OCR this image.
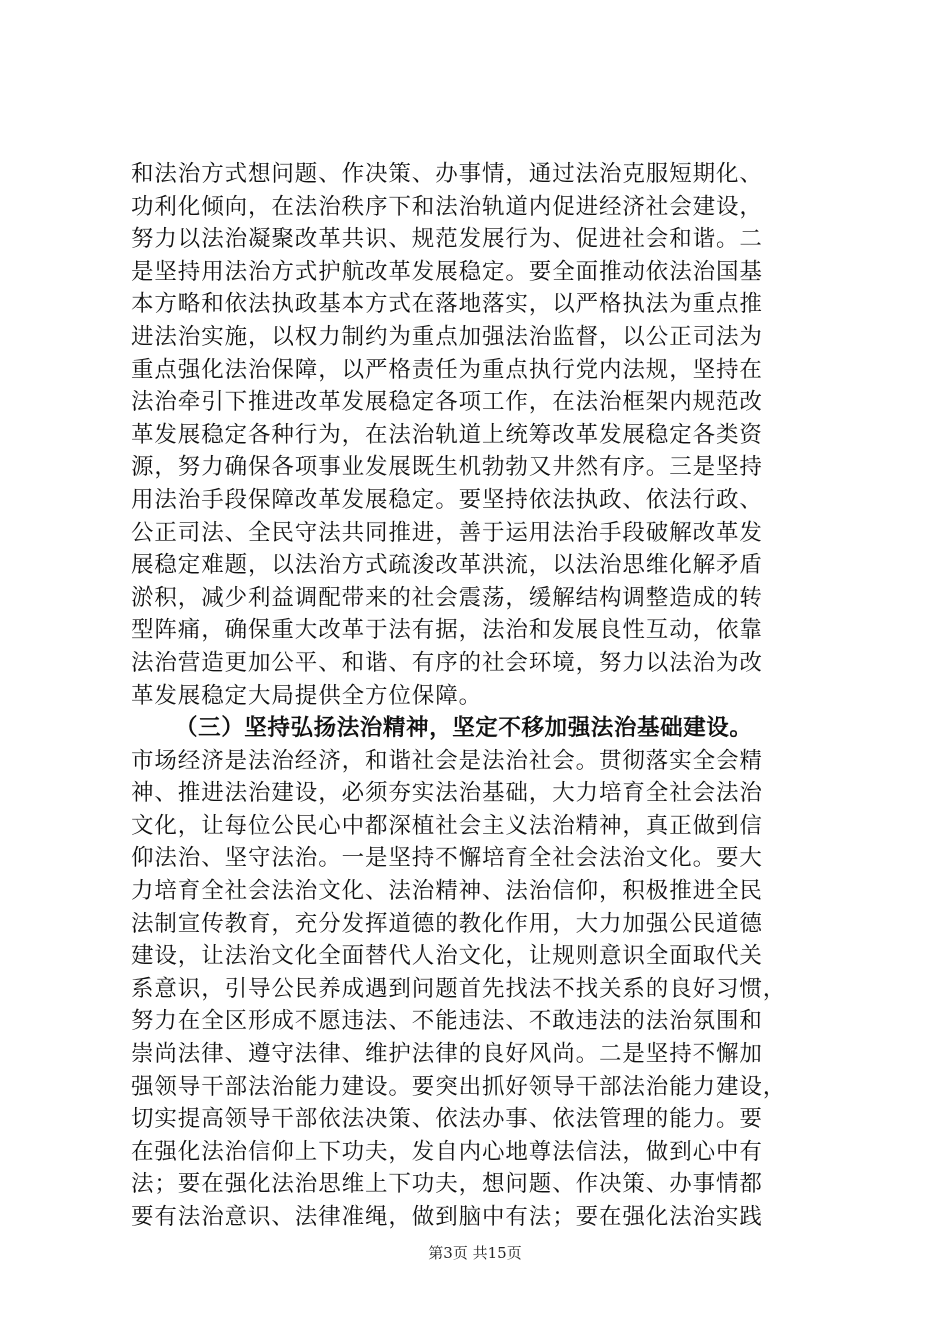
和法治方式想问题、作决策、办事情，通过法治克服短期化、
功利化倾向，在法治秩序下和法治轨道内促进经济社会建设，
努力以法治凝聚改革共识、规范发展行为、促进社会和谐。二
是坚持用法治方式护航改革发展稳定。要全面推动依法治国基
本方略和依法执政基本方式在落地落实，以严格执法为重点推
进法治实施，以权力制约为重点加强法治监督，以公正司法为
重点强化法治保障，以严格责任为重点执行党内法规，坚持在
法治牵引下推进改革发展稳定各项工作，在法治框架内规范改
革发展稳定各种行为，在法治轨道上统筹改革发展稳定各类资
源，努力确保各项事业发展既生机勃勃又井然有序。三是坚持
用法治手段保障改革发展稳定。要坚持依法执政、依法行政、
公正司法、全民守法共同推进，善于运用法治手段破解改革发
展稳定难题，以法治方式疏浚改革洪流，以法治思维化解矛盾
淤积，减少利益调配带来的社会震荡，缓解结构调整造成的转
型阵痛，确保重大改革于法有据，法治和发展良性互动，依靠
法治营造更加公平、和谐、有序的社会环境，努力以法治为改
革发展稳定大局提供全方位保障。
（三）坚持弘扬法治精神，坚定不移加强法治基础建设。
市场经济是法治经济，和谐社会是法治社会。贯彻落实全会精
神、推进法治建设，必须夯实法治基础，大力培育全社会法治
文化，让每位公民心中都深植社会主义法治精神，真正做到信
仰法治、坚守法治。一是坚持不懈培育全社会法治文化。要大
力培育全社会法治文化、法治精神、法治信仰，积极推进全民
法制宣传教育，充分发挥道德的教化作用，大力加强公民道德
建设，让法治文化全面替代人治文化，让规则意识全面取代关
系意识，引导公民养成遇到问题首先找法不找关系的良好习惯，
努力在全区形成不愿违法、不能违法、不敢违法的法治氛围和
崇尚法律、遵守法律、维护法律的良好风尚。二是坚持不懈加
强领导干部法治能力建设。要突出抓好领导干部法治能力建设，
切实提高领导干部依法决策、依法办事、依法管理的能力。要
在强化法治信仰上下功夫，发自内心地尊法信法，做到心中有
法；要在强化法治思维上下功夫，想问题、作决策、办事情都
要有法治意识、法律准绳，做到脑中有法；要在强化法治实践
第3页 共15页
